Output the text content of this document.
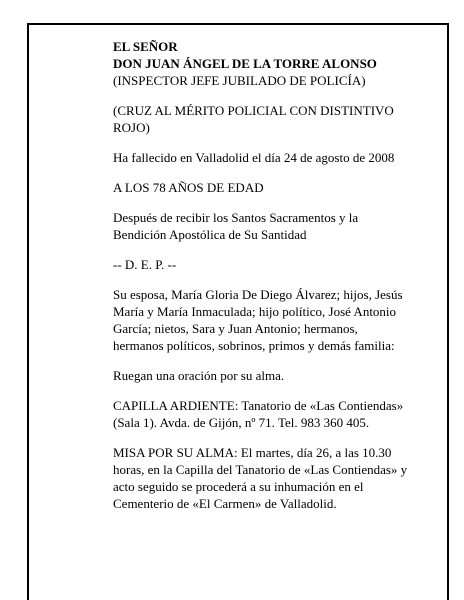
EL SEÑOR
DON JUAN ÁNGEL DE LA TORRE ALONSO
(INSPECTOR JEFE JUBILADO DE POLICÍA)
(CRUZ AL MÉRITO POLICIAL CON DISTINTIVO
ROJO)
Ha fallecido en Valladolid el día 24 de agosto de 2008
A LOS 78 AÑOS DE EDAD
Después de recibir los Santos Sacramentos y la
Bendición Apostólica de Su Santidad
-- D. E. P. --
Su esposa, María Gloria De Diego Álvarez; hijos, Jesús
María y María Inmaculada; hijo político, José Antonio
García; nietos, Sara y Juan Antonio; hermanos,
hermanos políticos, sobrinos, primos y demás familia:
Ruegan una oración por su alma.
CAPILLA ARDIENTE: Tanatorio de «Las Contiendas»
(Sala 1). Avda. de Gijón, nº 71. Tel. 983 360 405.
MISA POR SU ALMA: El martes, día 26, a las 10.30
horas, en la Capilla del Tanatorio de «Las Contiendas» y
acto seguido se procederá a su inhumación en el
Cementerio de «El Carmen» de Valladolid.
